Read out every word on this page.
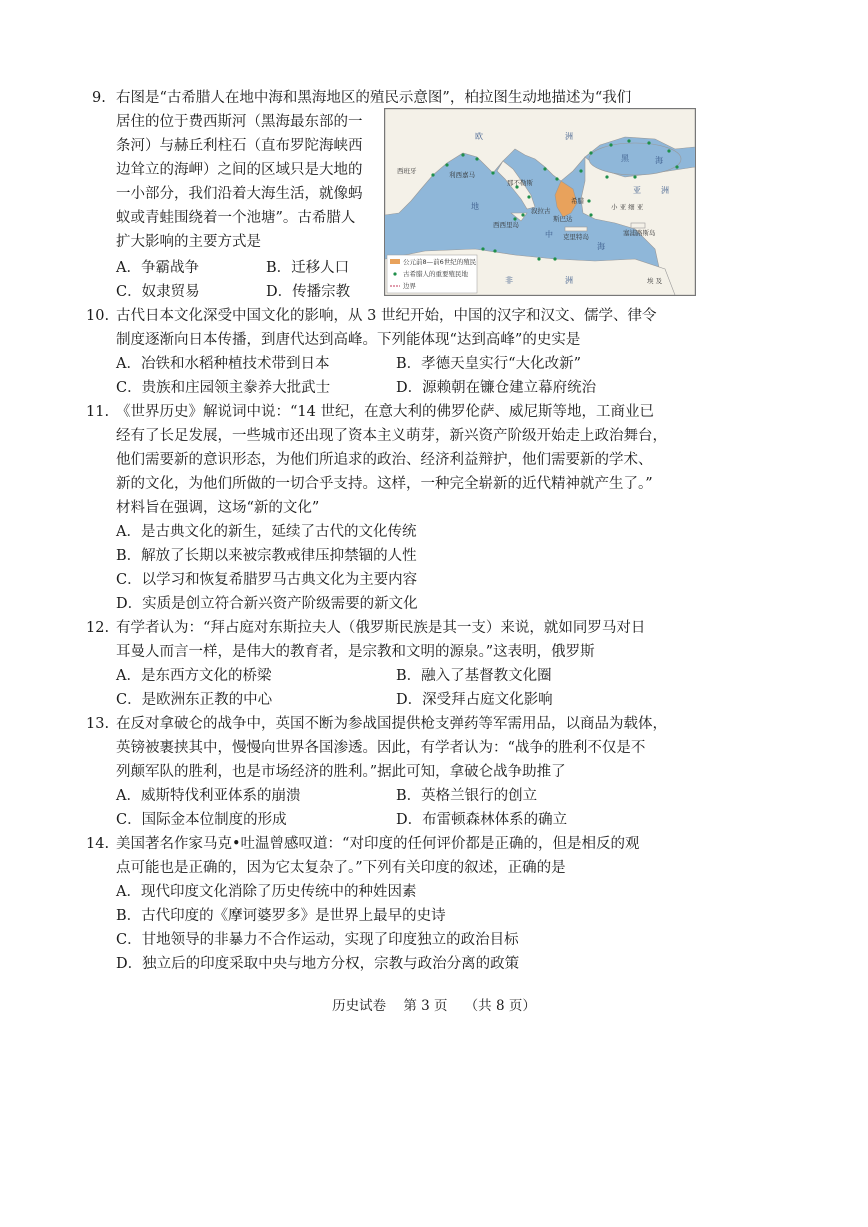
9. 右图是“古希腊人在地中海和黑海地区的殖民示意图”，柏拉图生动地描述为“我们
居住的位于费西斯河（黑海最东部的一
条河）与赫丘利柱石（直布罗陀海峡西
边耸立的海岬）之间的区域只是大地的
一小部分，我们沿着大海生活，就像蚂
蚁或青蛙围绕着一个池塘”。古希腊人
扩大影响的主要方式是
A．争霸战争	B．迁移人口
C．奴隶贸易	D．传播宗教
欧	洲
西班牙	利西嘉马
那不勒斯
黑	海
亚	洲
小 亚 细 亚
地
中
海
希腊
斯巴达
叙拉古
西西里岛
克里特岛	塞浦路斯岛
非	洲	埃 及
公元前8—前6世纪的殖民
古希腊人的重要殖民地
边界
10. 古代日本文化深受中国文化的影响，从 3 世纪开始，中国的汉字和汉文、儒学、律令
制度逐渐向日本传播，到唐代达到高峰。下列能体现“达到高峰”的史实是
A．冶铁和水稻种植技术带到日本	B．孝德天皇实行“大化改新”
C．贵族和庄园领主豢养大批武士	D．源赖朝在镰仓建立幕府统治
11. 《世界历史》解说词中说：“14 世纪，在意大利的佛罗伦萨、威尼斯等地，工商业已
经有了长足发展，一些城市还出现了资本主义萌芽，新兴资产阶级开始走上政治舞台，
他们需要新的意识形态，为他们所追求的政治、经济利益辩护，他们需要新的学术、
新的文化，为他们所做的一切合乎支持。这样，一种完全崭新的近代精神就产生了。”
材料旨在强调，这场“新的文化”
A．是古典文化的新生，延续了古代的文化传统
B．解放了长期以来被宗教戒律压抑禁锢的人性
C．以学习和恢复希腊罗马古典文化为主要内容
D．实质是创立符合新兴资产阶级需要的新文化
12. 有学者认为：“拜占庭对东斯拉夫人（俄罗斯民族是其一支）来说，就如同罗马对日
耳曼人而言一样，是伟大的教育者，是宗教和文明的源泉。”这表明，俄罗斯
A．是东西方文化的桥梁	B．融入了基督教文化圈
C．是欧洲东正教的中心	D．深受拜占庭文化影响
13. 在反对拿破仑的战争中，英国不断为参战国提供枪支弹药等军需用品，以商品为载体，
英镑被裹挟其中，慢慢向世界各国渗透。因此，有学者认为：“战争的胜利不仅是不
列颠军队的胜利，也是市场经济的胜利。”据此可知，拿破仑战争助推了
A．威斯特伐利亚体系的崩溃	B．英格兰银行的创立
C．国际金本位制度的形成	D．布雷顿森林体系的确立
14. 美国著名作家马克•吐温曾感叹道：“对印度的任何评价都是正确的，但是相反的观
点可能也是正确的，因为它太复杂了。”下列有关印度的叙述，正确的是
A．现代印度文化消除了历史传统中的种姓因素
B．古代印度的《摩诃婆罗多》是世界上最早的史诗
C．甘地领导的非暴力不合作运动，实现了印度独立的政治目标
D．独立后的印度采取中央与地方分权，宗教与政治分离的政策
历史试卷    第 3 页    （共 8 页）
